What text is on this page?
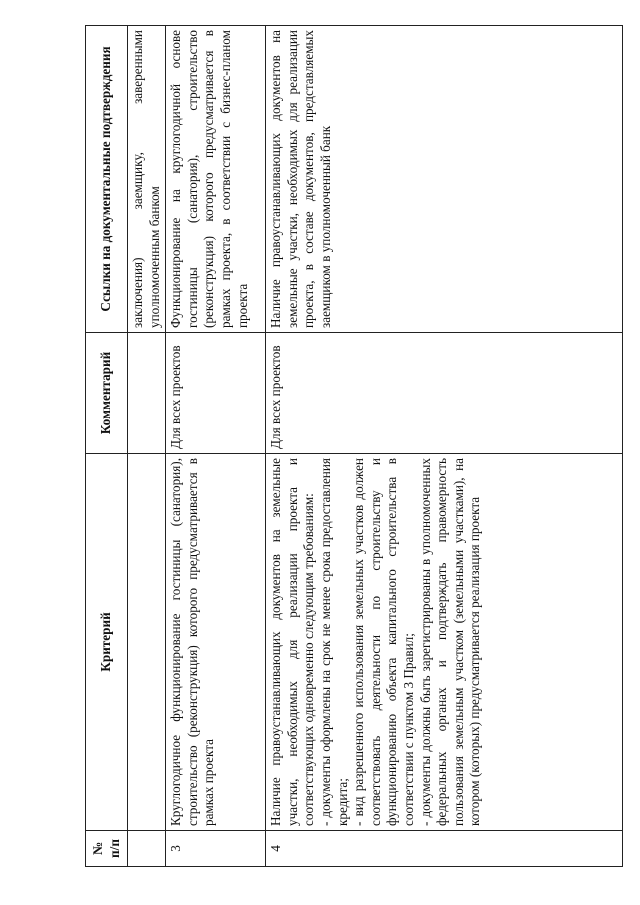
№ п/п	Критерий	Комментарий	Ссылки на документальные подтверждения
			заключения) заемщику, заверенными уполномоченным банком
3	Круглогодичное функционирование гостиницы (санатория), строительство (реконструкция) которого предусматривается в рамках проекта	Для всех проектов	Функционирование на круглогодичной основе гостиницы (санатория), строительство (реконструкция) которого предусматривается в рамках проекта, в соответствии с бизнес-планом проекта
4	Наличие правоустанавливающих документов на земельные участки, необходимых для реализации проекта и соответствующих одновременно следующим требованиям: - документы оформлены на срок не менее срока предоставления кредита; - вид разрешенного использования земельных участков должен соответствовать деятельности по строительству и функционированию объекта капитального строительства в соответствии с пунктом 3 Правил; - документы должны быть зарегистрированы в уполномоченных федеральных органах и подтверждать правомерность пользования земельным участком (земельными участками), на котором (которых) предусматривается реализация проекта	Для всех проектов	Наличие правоустанавливающих документов на земельные участки, необходимых для реализации проекта, в составе документов, представляемых заемщиком в уполномоченный банк
